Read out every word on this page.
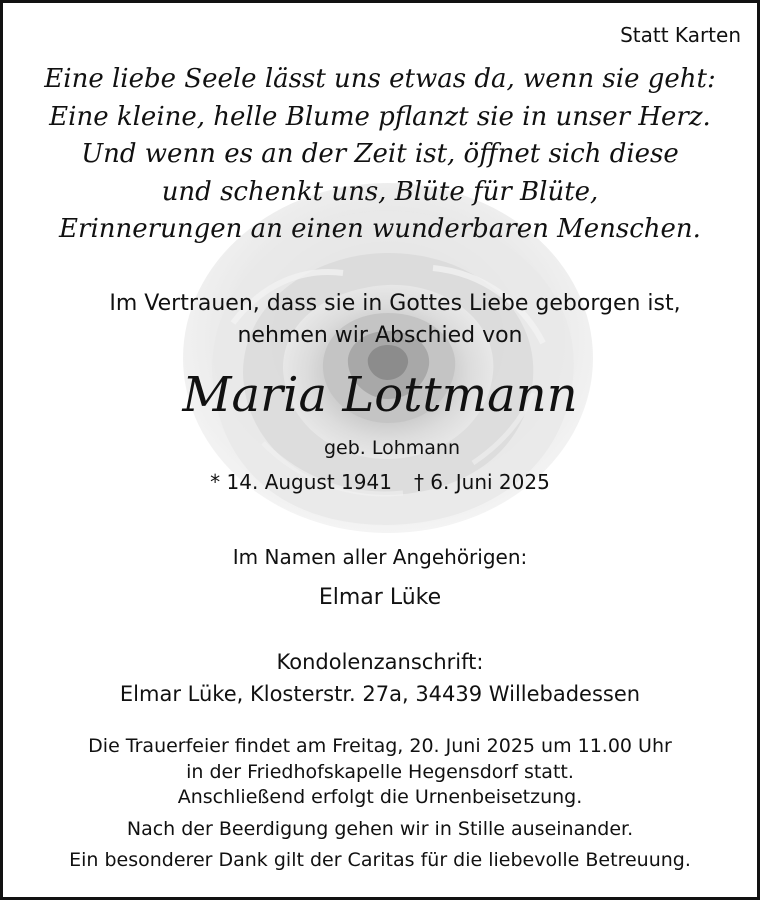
Statt Karten
Eine liebe Seele lässt uns etwas da, wenn sie geht:
Eine kleine, helle Blume pflanzt sie in unser Herz.
Und wenn es an der Zeit ist, öffnet sich diese
und schenkt uns, Blüte für Blüte,
Erinnerungen an einen wunderbaren Menschen.
Im Vertrauen, dass sie in Gottes Liebe geborgen ist,
nehmen wir Abschied von
Maria Lottmann
geb. Lohmann
* 14. August 1941 † 6. Juni 2025
Im Namen aller Angehörigen:
Elmar Lüke
Kondolenzanschrift:
Elmar Lüke, Klosterstr. 27a, 34439 Willebadessen
Die Trauerfeier findet am Freitag, 20. Juni 2025 um 11.00 Uhr
in der Friedhofskapelle Hegensdorf statt.
Anschließend erfolgt die Urnenbeisetzung.
Nach der Beerdigung gehen wir in Stille auseinander.
Ein besonderer Dank gilt der Caritas für die liebevolle Betreuung.
